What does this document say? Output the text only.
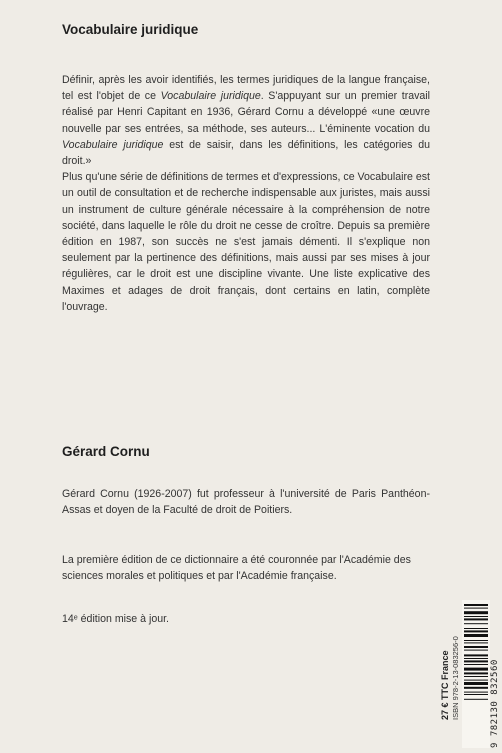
Vocabulaire juridique

Définir, après les avoir identifiés, les termes juridiques de la langue française, tel est l'objet de ce Vocabulaire juridique. S'appuyant sur un premier travail réalisé par Henri Capitant en 1936, Gérard Cornu a développé «une œuvre nouvelle par ses entrées, sa méthode, ses auteurs... L'éminente vocation du Vocabulaire juridique est de saisir, dans les définitions, les catégories du droit.»

Plus qu'une série de définitions de termes et d'expressions, ce Vocabulaire est un outil de consultation et de recherche indispensable aux juristes, mais aussi un instrument de culture générale nécessaire à la compréhension de notre société, dans laquelle le rôle du droit ne cesse de croître. Depuis sa première édition en 1987, son succès ne s'est jamais démenti. Il s'explique non seulement par la pertinence des définitions, mais aussi par ses mises à jour régulières, car le droit est une discipline vivante. Une liste explicative des Maximes et adages de droit français, dont certains en latin, complète l'ouvrage.

Gérard Cornu
Gérard Cornu (1926-2007) fut professeur à l'université de Paris Panthéon-Assas et doyen de la Faculté de droit de Poitiers.
La première édition de ce dictionnaire a été couronnée par l'Académie des sciences morales et politiques et par l'Académie française.
14ᵉ édition mise à jour.
27 € TTC France ISBN 978-2-13-083256-0	9 782130 832560
